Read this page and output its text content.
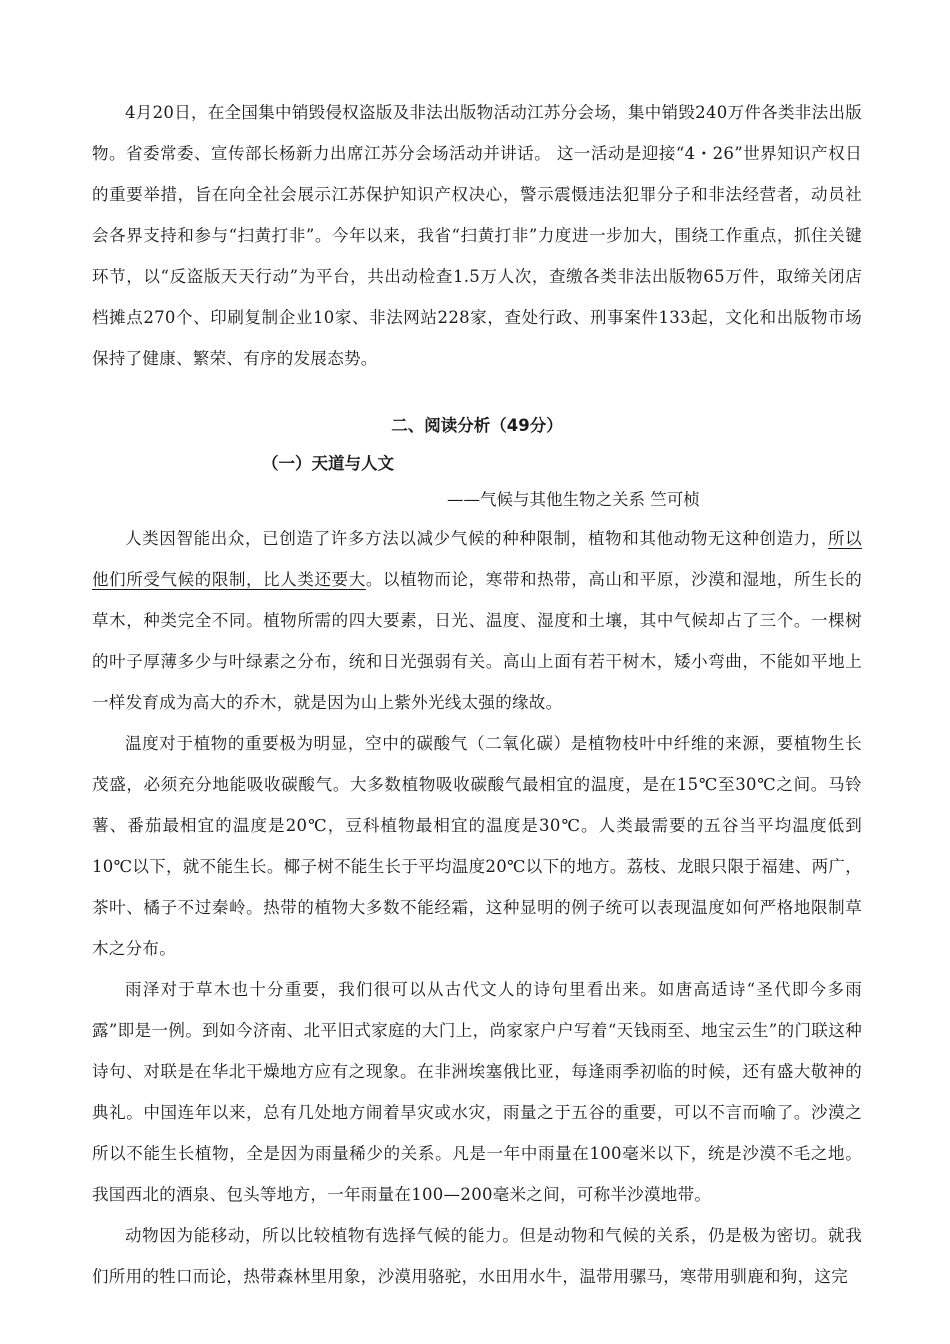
4月20日，在全国集中销毁侵权盗版及非法出版物活动江苏分会场，集中销毁240万件各类非法出版物。省委常委、宣传部长杨新力出席江苏分会场活动并讲话。 这一活动是迎接“4・26”世界知识产权日的重要举措，旨在向全社会展示江苏保护知识产权决心，警示震慑违法犯罪分子和非法经营者，动员社会各界支持和参与“扫黄打非”。今年以来，我省“扫黄打非”力度进一步加大，围绕工作重点，抓住关键环节，以“反盗版天天行动”为平台，共出动检查1.5万人次，查缴各类非法出版物65万件，取缔关闭店档摊点270个、印刷复制企业10家、非法网站228家，查处行政、刑事案件133起，文化和出版物市场保持了健康、繁荣、有序的发展态势。

二、阅读分析（49分）
（一）天道与人文
——气候与其他生物之关系 竺可桢

人类因智能出众，已创造了许多方法以减少气候的种种限制，植物和其他动物无这种创造力，所以他们所受气候的限制，比人类还要大。以植物而论，寒带和热带，高山和平原，沙漠和湿地，所生长的草木，种类完全不同。植物所需的四大要素，日光、温度、湿度和土壤，其中气候却占了三个。一棵树的叶子厚薄多少与叶绿素之分布，统和日光强弱有关。高山上面有若干树木，矮小弯曲，不能如平地上一样发育成为高大的乔木，就是因为山上紫外光线太强的缘故。

温度对于植物的重要极为明显，空中的碳酸气（二氧化碳）是植物枝叶中纤维的来源，要植物生长茂盛，必须充分地能吸收碳酸气。大多数植物吸收碳酸气最相宜的温度，是在15℃至30℃之间。马铃薯、番茄最相宜的温度是20℃，豆科植物最相宜的温度是30℃。人类最需要的五谷当平均温度低到10℃以下，就不能生长。椰子树不能生长于平均温度20℃以下的地方。荔枝、龙眼只限于福建、两广，茶叶、橘子不过秦岭。热带的植物大多数不能经霜，这种显明的例子统可以表现温度如何严格地限制草木之分布。

雨泽对于草木也十分重要，我们很可以从古代文人的诗句里看出来。如唐高适诗“圣代即今多雨露”即是一例。到如今济南、北平旧式家庭的大门上，尚家家户户写着“天钱雨至、地宝云生”的门联这种诗句、对联是在华北干燥地方应有之现象。在非洲埃塞俄比亚，每逢雨季初临的时候，还有盛大敬神的典礼。中国连年以来，总有几处地方闹着旱灾或水灾，雨量之于五谷的重要，可以不言而喻了。沙漠之所以不能生长植物，全是因为雨量稀少的关系。凡是一年中雨量在100毫米以下，统是沙漠不毛之地。我国西北的酒泉、包头等地方，一年雨量在100—200毫米之间，可称半沙漠地带。

动物因为能移动，所以比较植物有选择气候的能力。但是动物和气候的关系，仍是极为密切。就我们所用的牲口而论，热带森林里用象，沙漠用骆驼，水田用水牛，温带用骡马，寒带用驯鹿和狗，这完
